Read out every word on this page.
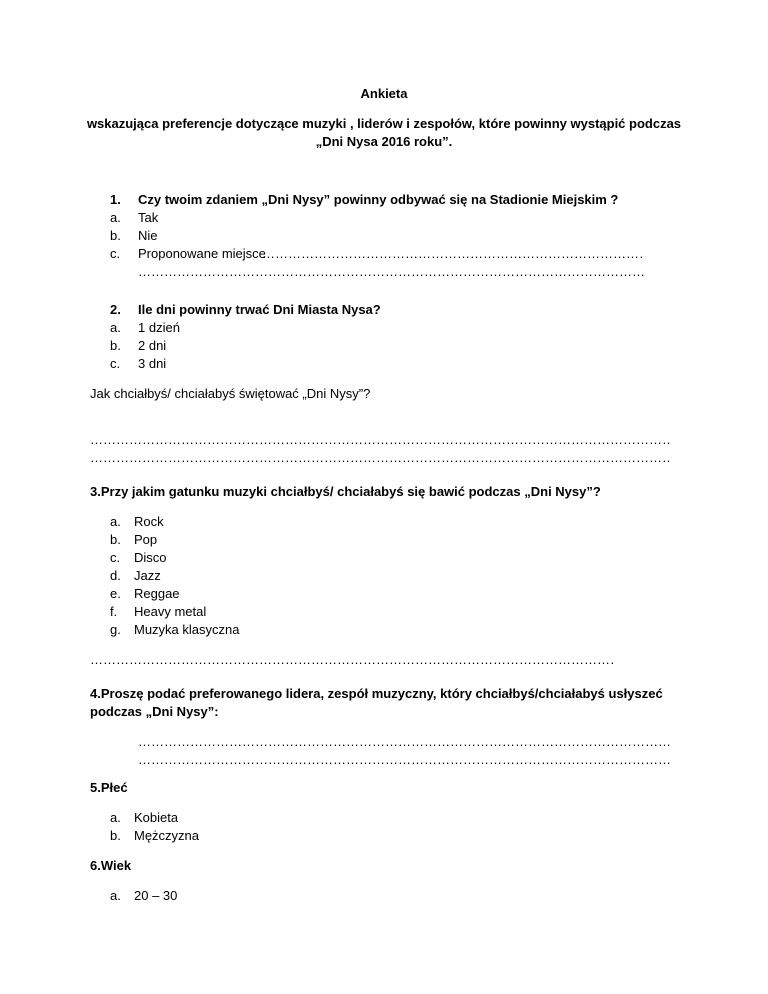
Ankieta
wskazująca preferencje dotyczące muzyki , liderów i zespołów, które powinny wystąpić podczas
„Dni Nysa 2016 roku”.
1. Czy twoim zdaniem „Dni Nysy” powinny odbywać się na Stadionie Miejskim ?
a. Tak
b. Nie
c. Proponowane miejsce
………………………………………………………………………………………………………………………………………………………………………………………………………………………………………………
………………………………………………………………………………………………………………………………………………………………………………………………………………………………………………
2. Ile dni powinny trwać Dni Miasta Nysa?
a. 1 dzień
b. 2 dni
c. 3 dni
Jak chciałbyś/ chciałabyś świętować „Dni Nysy”?
………………………………………………………………………………………………………………………………………………………………………………………………………………………………………………
………………………………………………………………………………………………………………………………………………………………………………………………………………………………………………
3.Przy jakim gatunku muzyki chciałbyś/ chciałabyś się bawić podczas „Dni Nysy”?
a. Rock
b. Pop
c. Disco
d. Jazz
e. Reggae
f. Heavy metal
g. Muzyka klasyczna
………………………………………………………………………………………………………………………………………………………………………………………………………………………………………………
4.Proszę podać preferowanego lidera, zespół muzyczny, który chciałbyś/chciałabyś usłyszeć
podczas „Dni Nysy”:
………………………………………………………………………………………………………………………………………………………………………………………………………………………………………………
………………………………………………………………………………………………………………………………………………………………………………………………………………………………………………
5.Płeć
a. Kobieta
b. Mężczyzna
6.Wiek
a. 20 – 30
